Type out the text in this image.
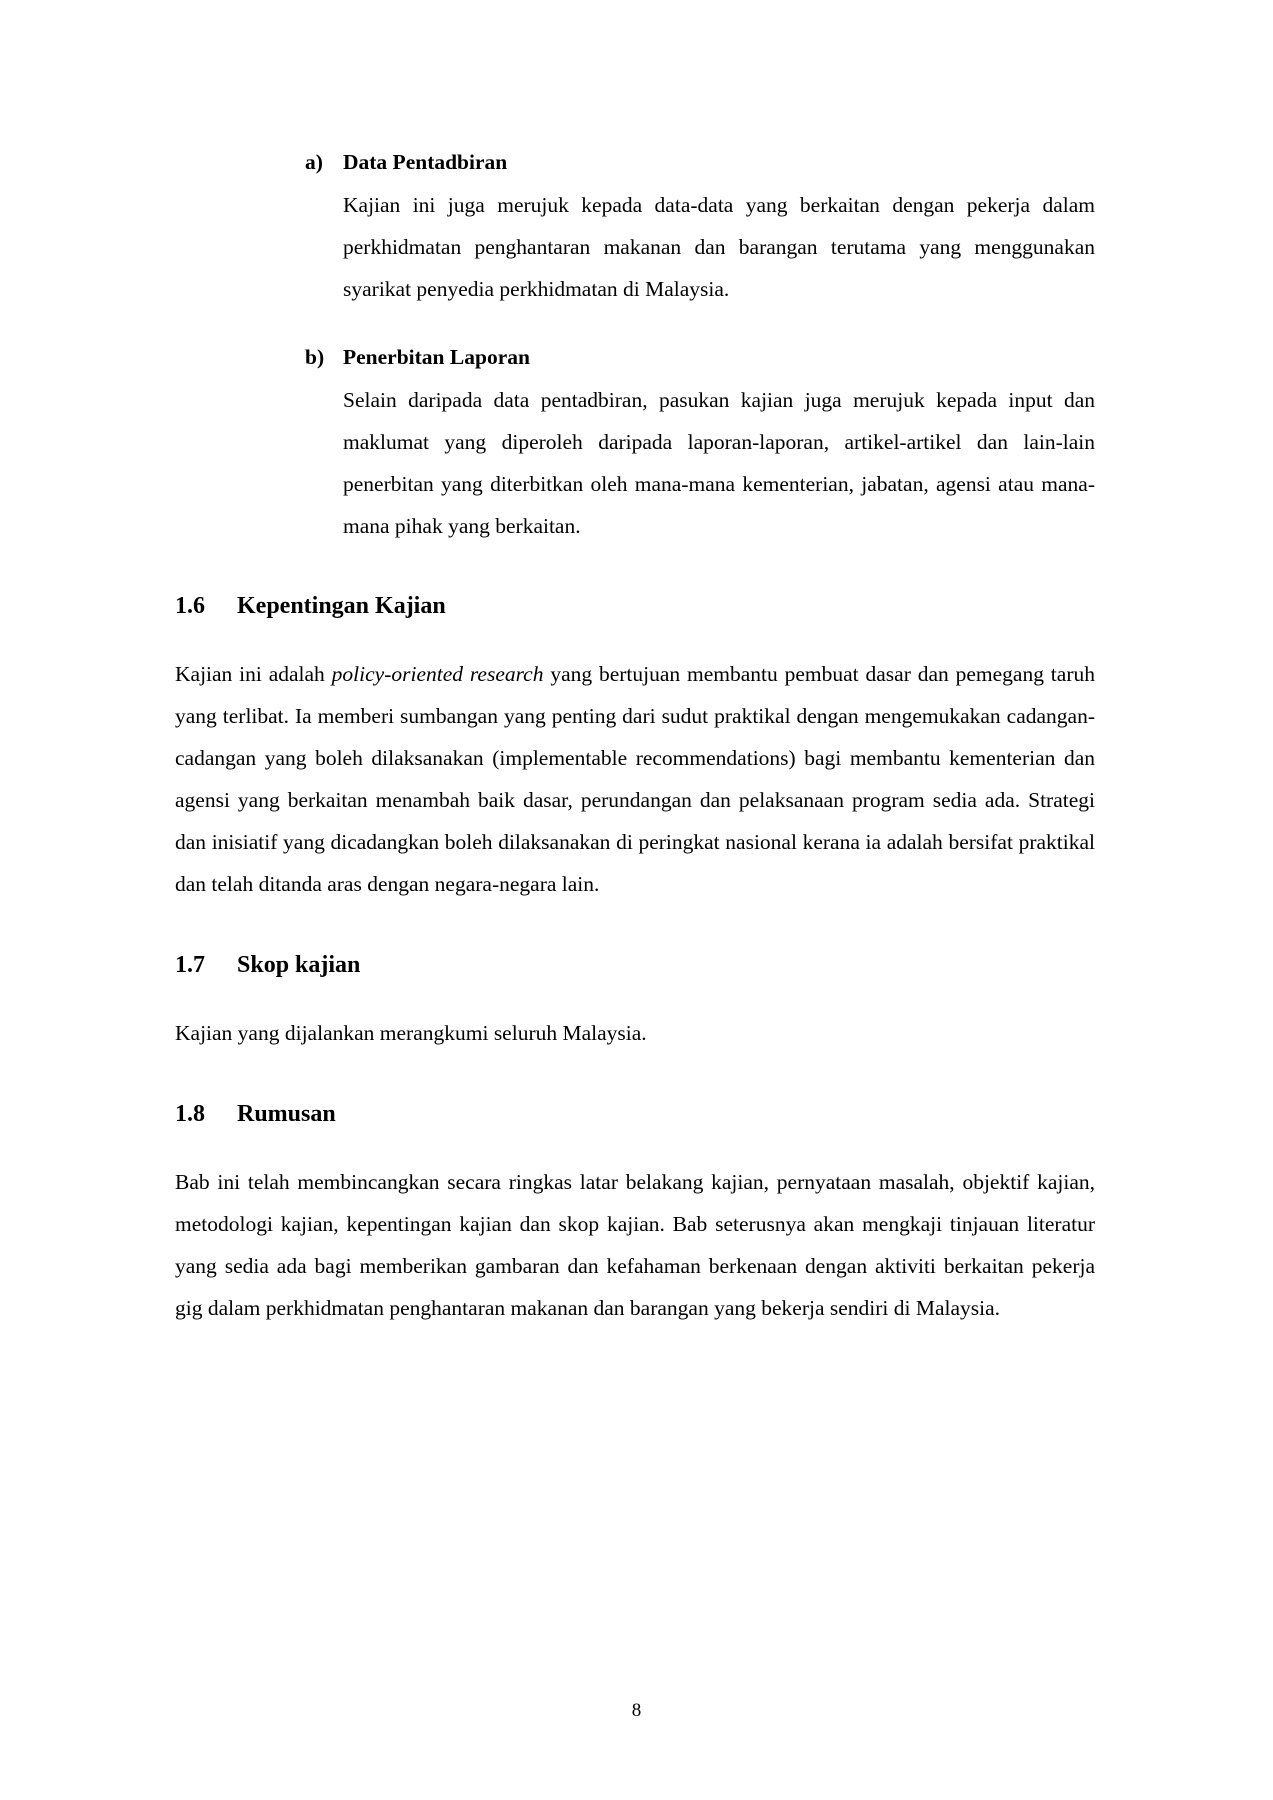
a) Data Pentadbiran
Kajian ini juga merujuk kepada data-data yang berkaitan dengan pekerja dalam perkhidmatan penghantaran makanan dan barangan terutama yang menggunakan syarikat penyedia perkhidmatan di Malaysia.
b) Penerbitan Laporan
Selain daripada data pentadbiran, pasukan kajian juga merujuk kepada input dan maklumat yang diperoleh daripada laporan-laporan, artikel-artikel dan lain-lain penerbitan yang diterbitkan oleh mana-mana kementerian, jabatan, agensi atau mana-mana pihak yang berkaitan.
1.6	Kepentingan Kajian

Kajian ini adalah policy-oriented research yang bertujuan membantu pembuat dasar dan pemegang taruh yang terlibat. Ia memberi sumbangan yang penting dari sudut praktikal dengan mengemukakan cadangan-cadangan yang boleh dilaksanakan (implementable recommendations) bagi membantu kementerian dan agensi yang berkaitan menambah baik dasar, perundangan dan pelaksanaan program sedia ada. Strategi dan inisiatif yang dicadangkan boleh dilaksanakan di peringkat nasional kerana ia adalah bersifat praktikal dan telah ditanda aras dengan negara-negara lain.

1.7	Skop kajian

Kajian yang dijalankan merangkumi seluruh Malaysia.

1.8	Rumusan

Bab ini telah membincangkan secara ringkas latar belakang kajian, pernyataan masalah, objektif kajian, metodologi kajian, kepentingan kajian dan skop kajian. Bab seterusnya akan mengkaji tinjauan literatur yang sedia ada bagi memberikan gambaran dan kefahaman berkenaan dengan aktiviti berkaitan pekerja gig dalam perkhidmatan penghantaran makanan dan barangan yang bekerja sendiri di Malaysia.

8
